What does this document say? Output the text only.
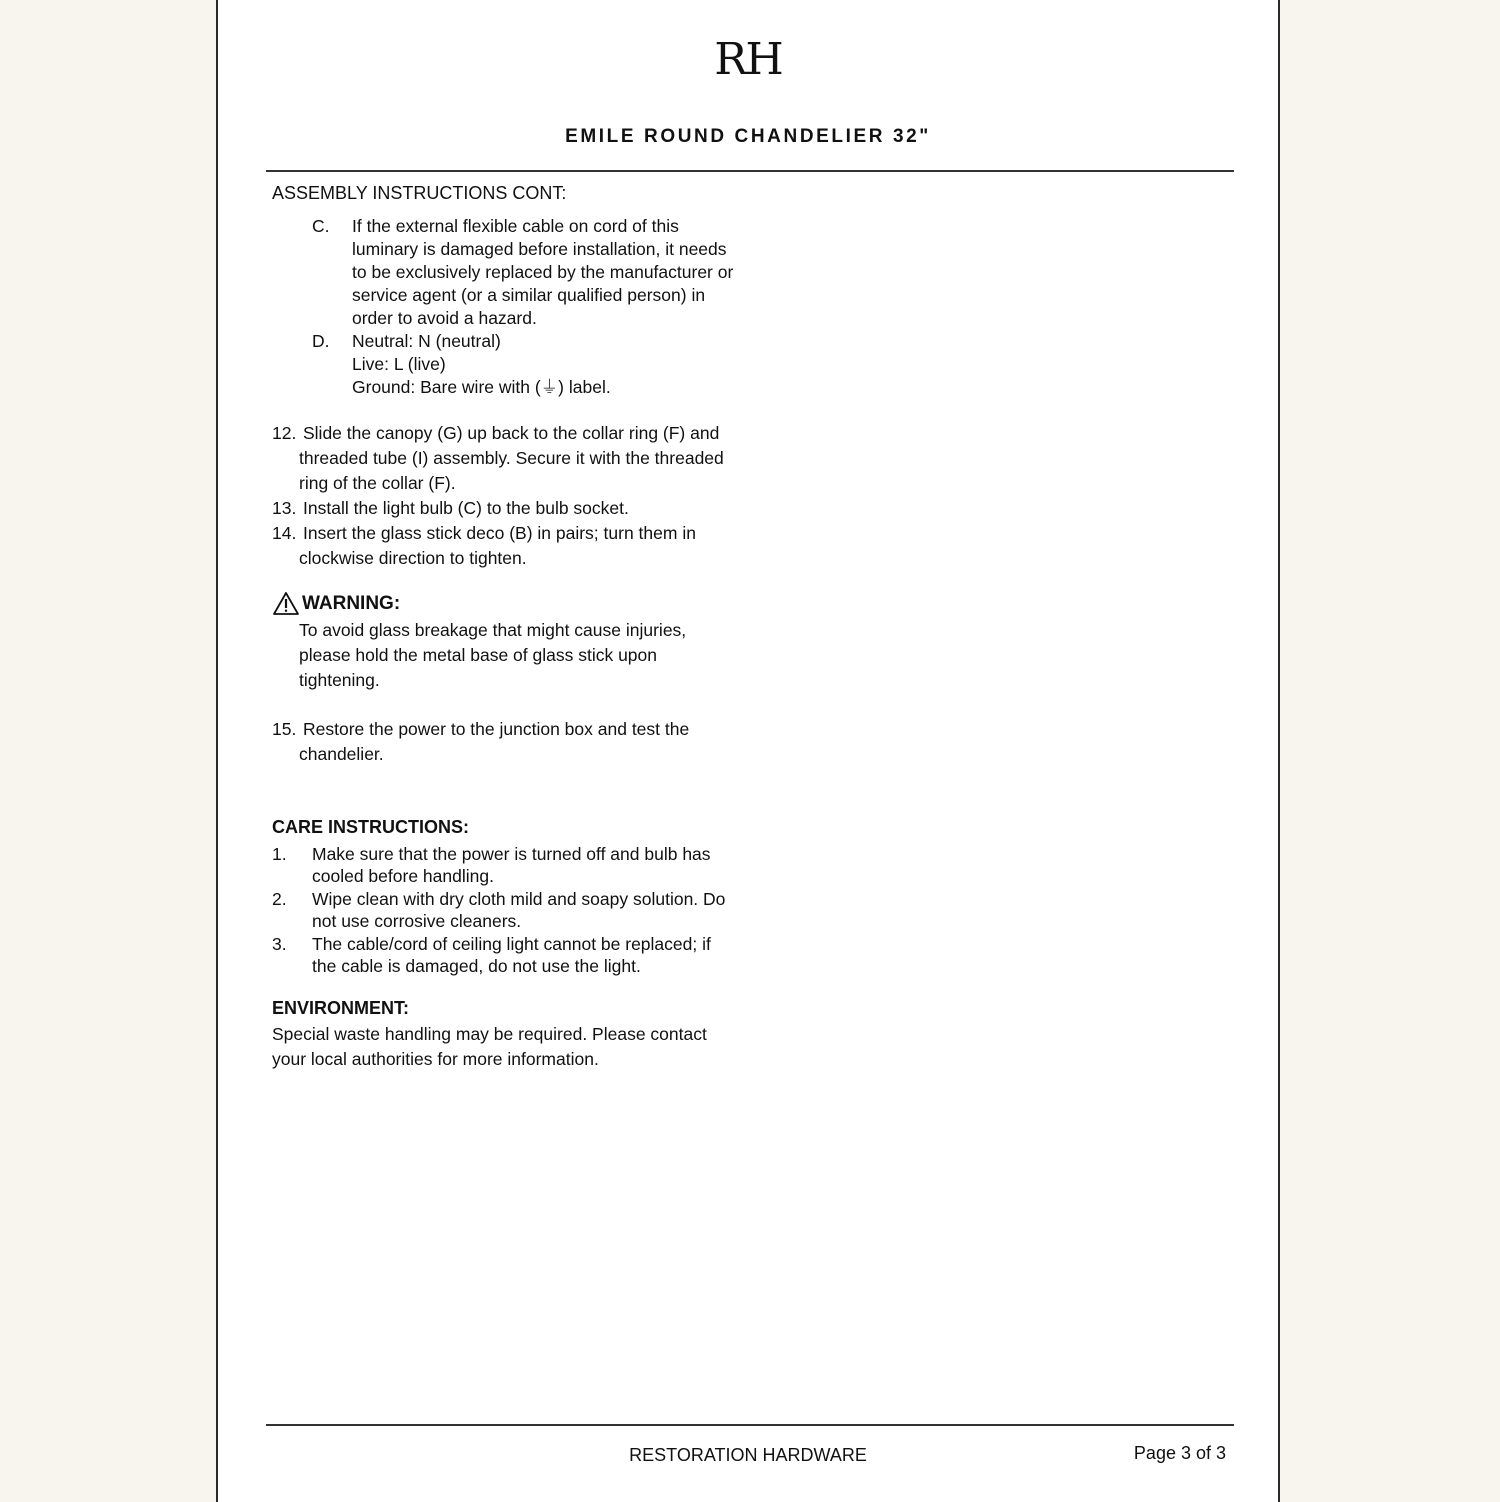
RH
EMILE ROUND CHANDELIER 32"

ASSEMBLY INSTRUCTIONS CONT:

C.	If the external flexible cable on cord of this
luminary is damaged before installation, it needs
to be exclusively replaced by the manufacturer or
service agent (or a similar qualified person) in
order to avoid a hazard.
D.	Neutral: N (neutral)
Live: L (live)
Ground: Bare wire with (⏚) label.
12. Slide the canopy (G) up back to the collar ring (F) and
threaded tube (I) assembly. Secure it with the threaded
ring of the collar (F).
13. Install the light bulb (C) to the bulb socket.
14. Insert the glass stick deco (B) in pairs; turn them in
clockwise direction to tighten.
WARNING:
To avoid glass breakage that might cause injuries,
please hold the metal base of glass stick upon
tightening.
15. Restore the power to the junction box and test the
chandelier.

CARE INSTRUCTIONS:

1.	Make sure that the power is turned off and bulb has
cooled before handling.
2.	Wipe clean with dry cloth mild and soapy solution. Do
not use corrosive cleaners.
3.	The cable/cord of ceiling light cannot be replaced; if
the cable is damaged, do not use the light.

ENVIRONMENT:

Special waste handling may be required. Please contact
your local authorities for more information.
RESTORATION HARDWARE	Page 3 of 3
